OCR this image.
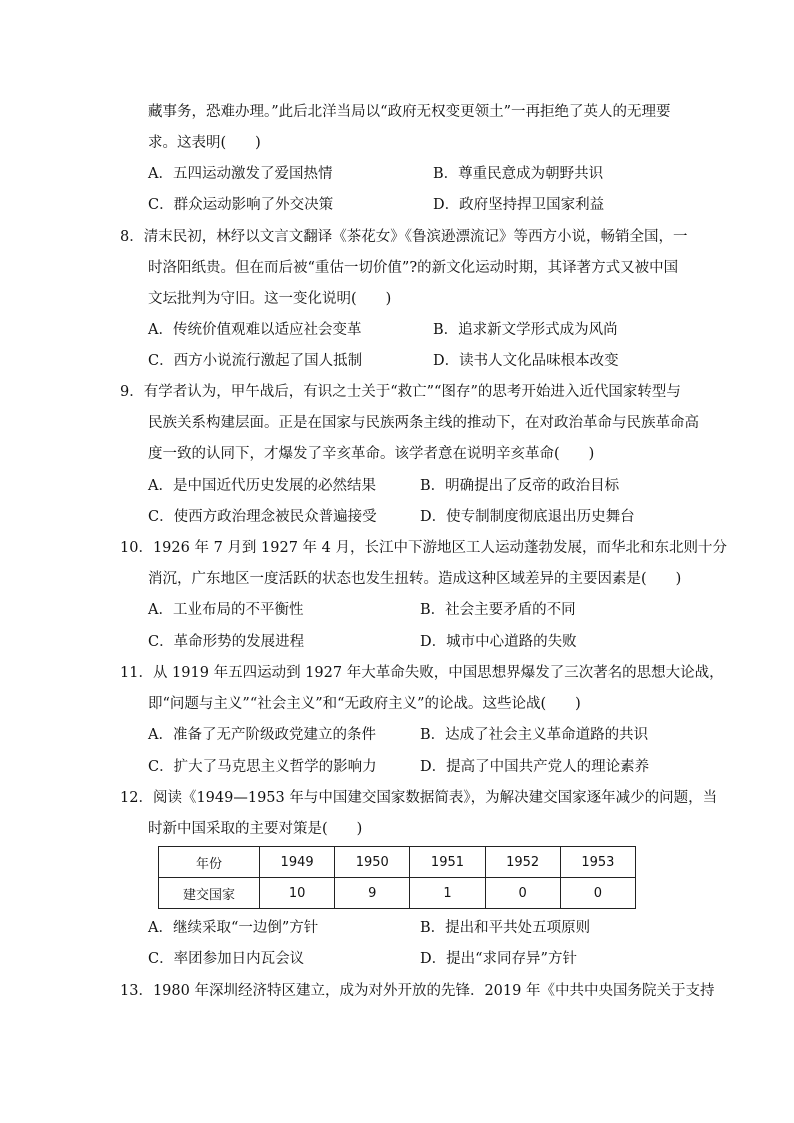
藏事务，恐难办理。”此后北洋当局以“政府无权变更领土”一再拒绝了英人的无理要
求。这表明(　　)
A．五四运动激发了爱国热情	B．尊重民意成为朝野共识
C．群众运动影响了外交决策	D．政府坚持捍卫国家利益
8．清末民初，林纾以文言文翻译《茶花女》《鲁滨逊漂流记》等西方小说，畅销全国，一
时洛阳纸贵。但在而后被“重估一切价值”?的新文化运动时期，其译著方式又被中国
文坛批判为守旧。这一变化说明(　　)
A．传统价值观难以适应社会变革	B．追求新文学形式成为风尚
C．西方小说流行激起了国人抵制	D．读书人文化品味根本改变
9．有学者认为，甲午战后，有识之士关于“救亡”“图存”的思考开始进入近代国家转型与
民族关系构建层面。正是在国家与民族两条主线的推动下，在对政治革命与民族革命高
度一致的认同下，才爆发了辛亥革命。该学者意在说明辛亥革命(　　)
A．是中国近代历史发展的必然结果	B．明确提出了反帝的政治目标
C．使西方政治理念被民众普遍接受	D．使专制制度彻底退出历史舞台
10．1926 年 7 月到 1927 年 4 月，长江中下游地区工人运动蓬勃发展，而华北和东北则十分
消沉，广东地区一度活跃的状态也发生扭转。造成这种区域差异的主要因素是(　　)
A．工业布局的不平衡性	B．社会主要矛盾的不同
C．革命形势的发展进程	D．城市中心道路的失败
11．从 1919 年五四运动到 1927 年大革命失败，中国思想界爆发了三次著名的思想大论战，
即“问题与主义”“社会主义”和“无政府主义”的论战。这些论战(　　)
A．准备了无产阶级政党建立的条件	B．达成了社会主义革命道路的共识
C．扩大了马克思主义哲学的影响力	D．提高了中国共产党人的理论素养
12．阅读《1949—1953 年与中国建交国家数据简表》，为解决建交国家逐年减少的问题，当
时新中国采取的主要对策是(　　)
年份	1949	1950	1951	1952	1953
建交国家	10	9	1	0	0
A．继续采取“一边倒”方针	B．提出和平共处五项原则
C．率团参加日内瓦会议	D．提出“求同存异”方针
13．1980 年深圳经济特区建立，成为对外开放的先锋．2019 年《中共中央国务院关于支持
